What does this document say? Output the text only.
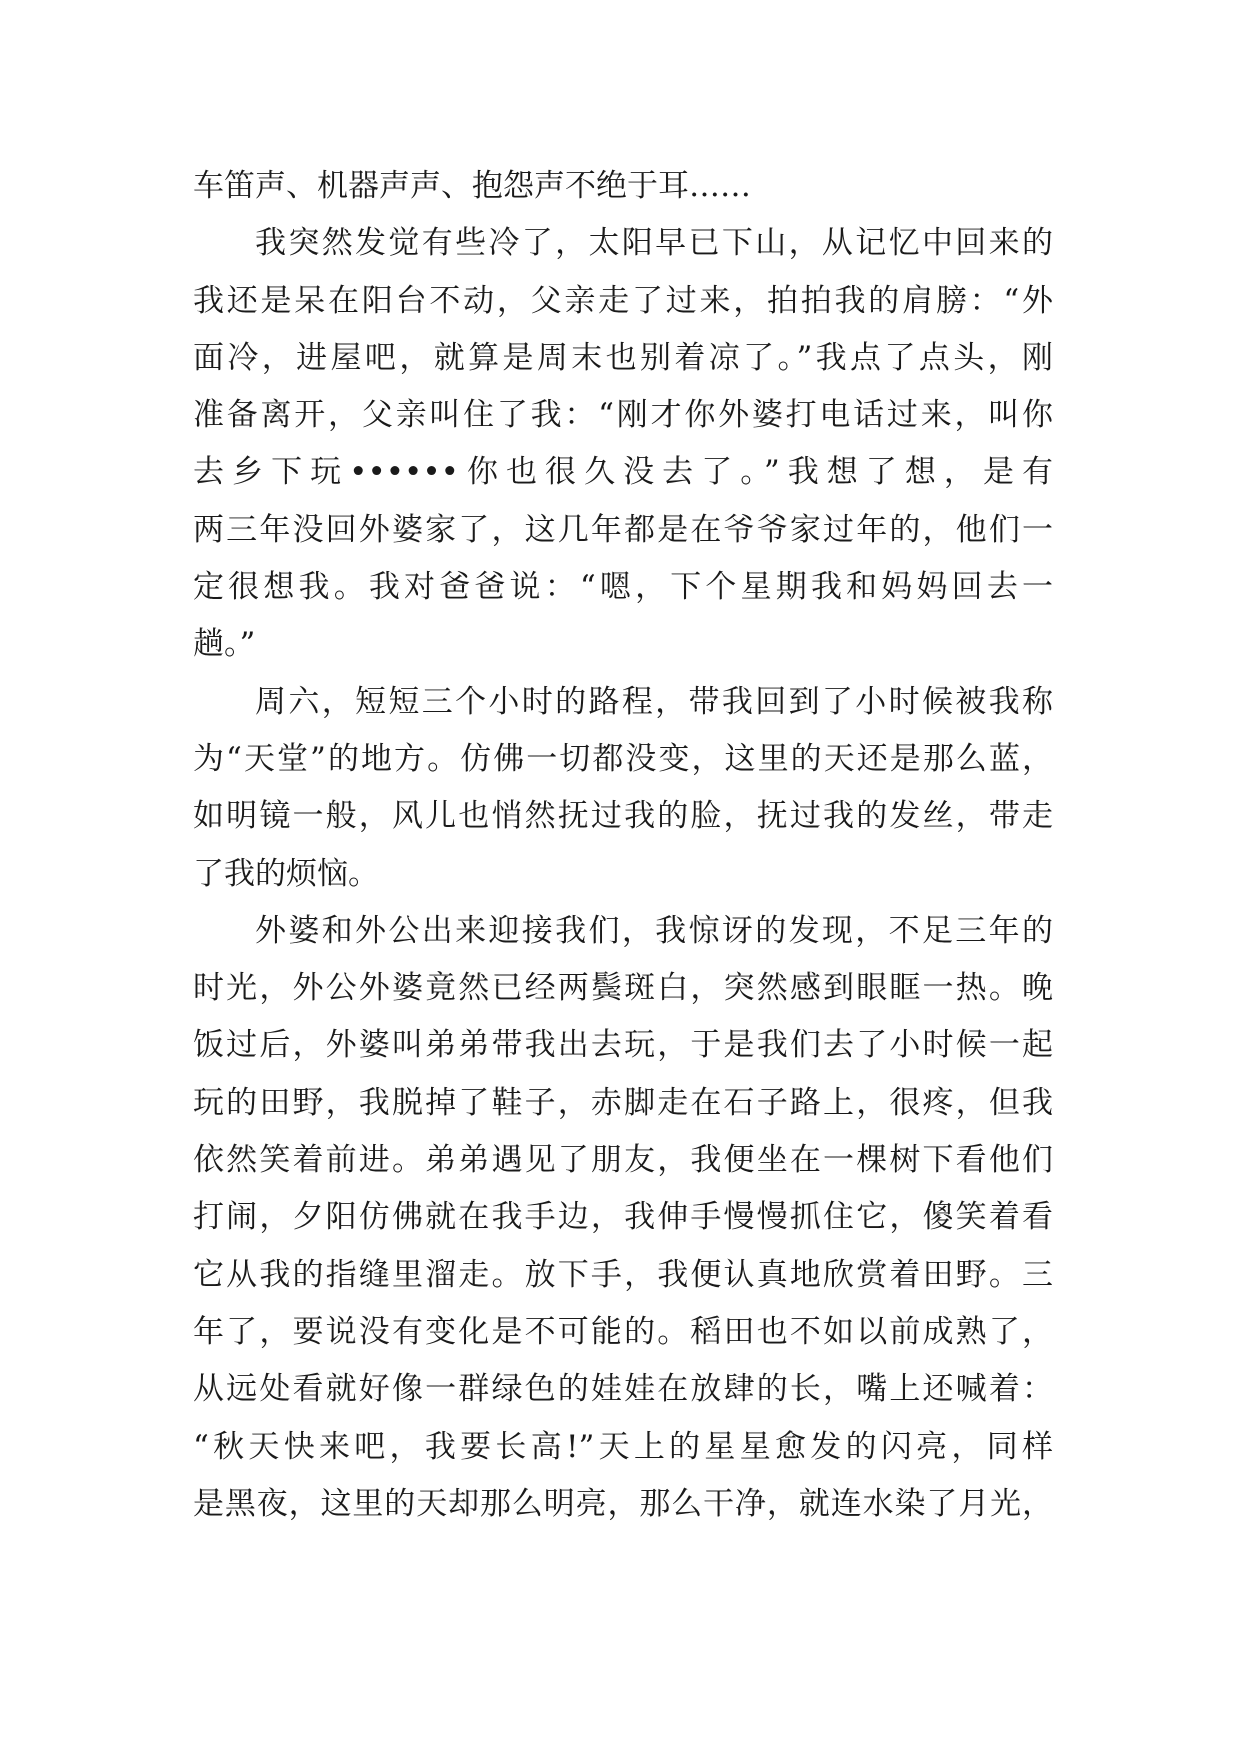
车笛声、机器声声、抱怨声不绝于耳……
我突然发觉有些冷了，太阳早已下山，从记忆中回来的
我还是呆在阳台不动，父亲走了过来，拍拍我的肩膀：“外
面冷，进屋吧，就算是周末也别着凉了。”我点了点头，刚
准备离开，父亲叫住了我：“刚才你外婆打电话过来，叫你
去乡下玩••••••你也很久没去了。”我想了想，是有
两三年没回外婆家了，这几年都是在爷爷家过年的，他们一
定很想我。我对爸爸说：“嗯，下个星期我和妈妈回去一
趟。”
周六，短短三个小时的路程，带我回到了小时候被我称
为“天堂”的地方。仿佛一切都没变，这里的天还是那么蓝，
如明镜一般，风儿也悄然抚过我的脸，抚过我的发丝，带走
了我的烦恼。
外婆和外公出来迎接我们，我惊讶的发现，不足三年的
时光，外公外婆竟然已经两鬓斑白，突然感到眼眶一热。晚
饭过后，外婆叫弟弟带我出去玩，于是我们去了小时候一起
玩的田野，我脱掉了鞋子，赤脚走在石子路上，很疼，但我
依然笑着前进。弟弟遇见了朋友，我便坐在一棵树下看他们
打闹，夕阳仿佛就在我手边，我伸手慢慢抓住它，傻笑着看
它从我的指缝里溜走。放下手，我便认真地欣赏着田野。三
年了，要说没有变化是不可能的。稻田也不如以前成熟了，
从远处看就好像一群绿色的娃娃在放肆的长，嘴上还喊着：
“秋天快来吧，我要长高!”天上的星星愈发的闪亮，同样
是黑夜，这里的天却那么明亮，那么干净，就连水染了月光，
